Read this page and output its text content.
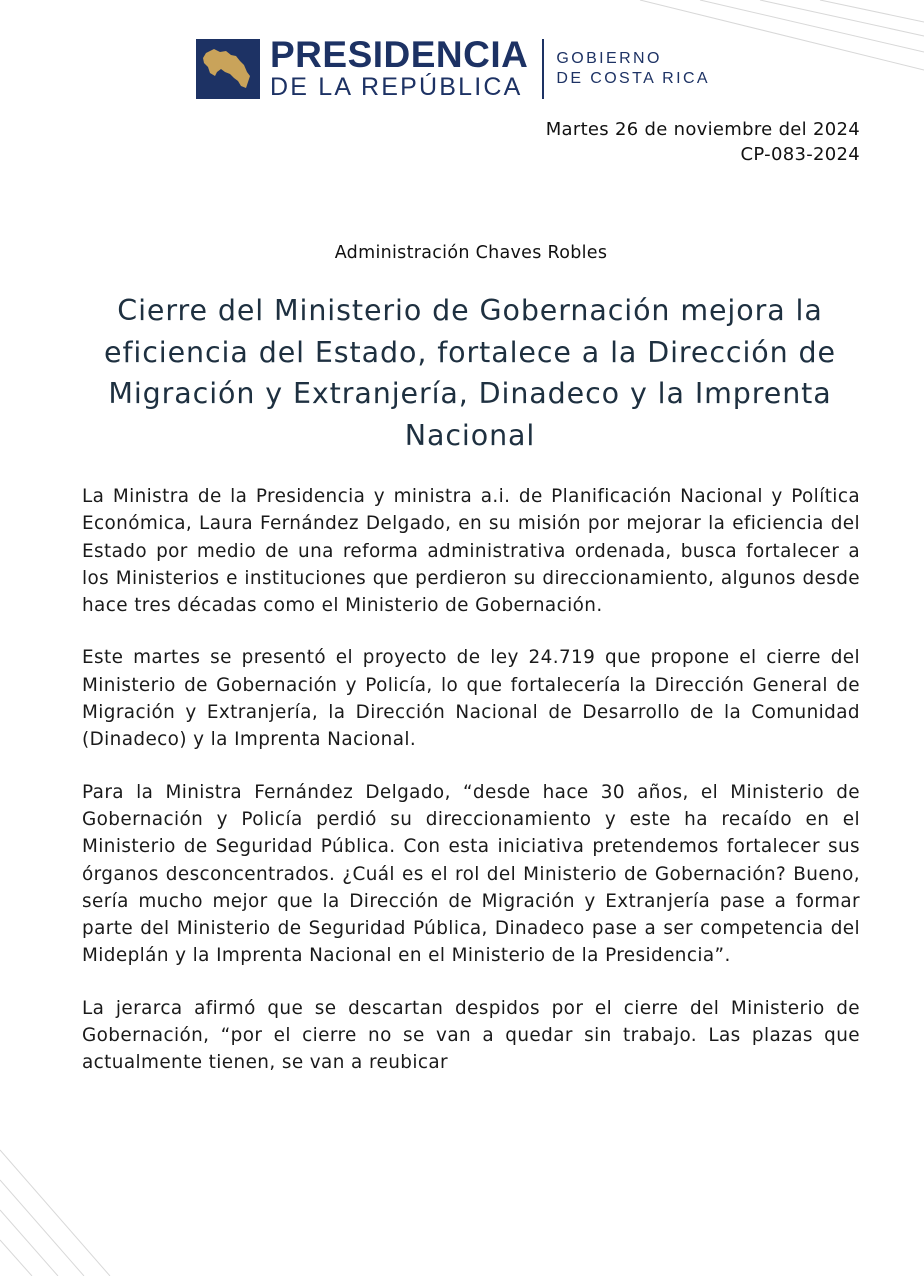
PRESIDENCIA
DE LA REPÚBLICA
GOBIERNO
DE COSTA RICA
Martes 26 de noviembre del 2024
CP-083-2024
Administración Chaves Robles
Cierre del Ministerio de Gobernación mejora la eficiencia del Estado, fortalece a la Dirección de Migración y Extranjería, Dinadeco y la Imprenta Nacional

La Ministra de la Presidencia y ministra a.i. de Planificación Nacional y Política Económica, Laura Fernández Delgado, en su misión por mejorar la eficiencia del Estado por medio de una reforma administrativa ordenada, busca fortalecer a los Ministerios e instituciones que perdieron su direccionamiento, algunos desde hace tres décadas como el Ministerio de Gobernación.

Este martes se presentó el proyecto de ley 24.719 que propone el cierre del Ministerio de Gobernación y Policía, lo que fortalecería la Dirección General de Migración y Extranjería, la Dirección Nacional de Desarrollo de la Comunidad (Dinadeco) y la Imprenta Nacional.

Para la Ministra Fernández Delgado, “desde hace 30 años, el Ministerio de Gobernación y Policía perdió su direccionamiento y este ha recaído en el Ministerio de Seguridad Pública. Con esta iniciativa pretendemos fortalecer sus órganos desconcentrados. ¿Cuál es el rol del Ministerio de Gobernación? Bueno, sería mucho mejor que la Dirección de Migración y Extranjería pase a formar parte del Ministerio de Seguridad Pública, Dinadeco pase a ser competencia del Mideplán y la Imprenta Nacional en el Ministerio de la Presidencia”.

La jerarca afirmó que se descartan despidos por el cierre del Ministerio de Gobernación, “por el cierre no se van a quedar sin trabajo. Las plazas que actualmente tienen, se van a reubicar
